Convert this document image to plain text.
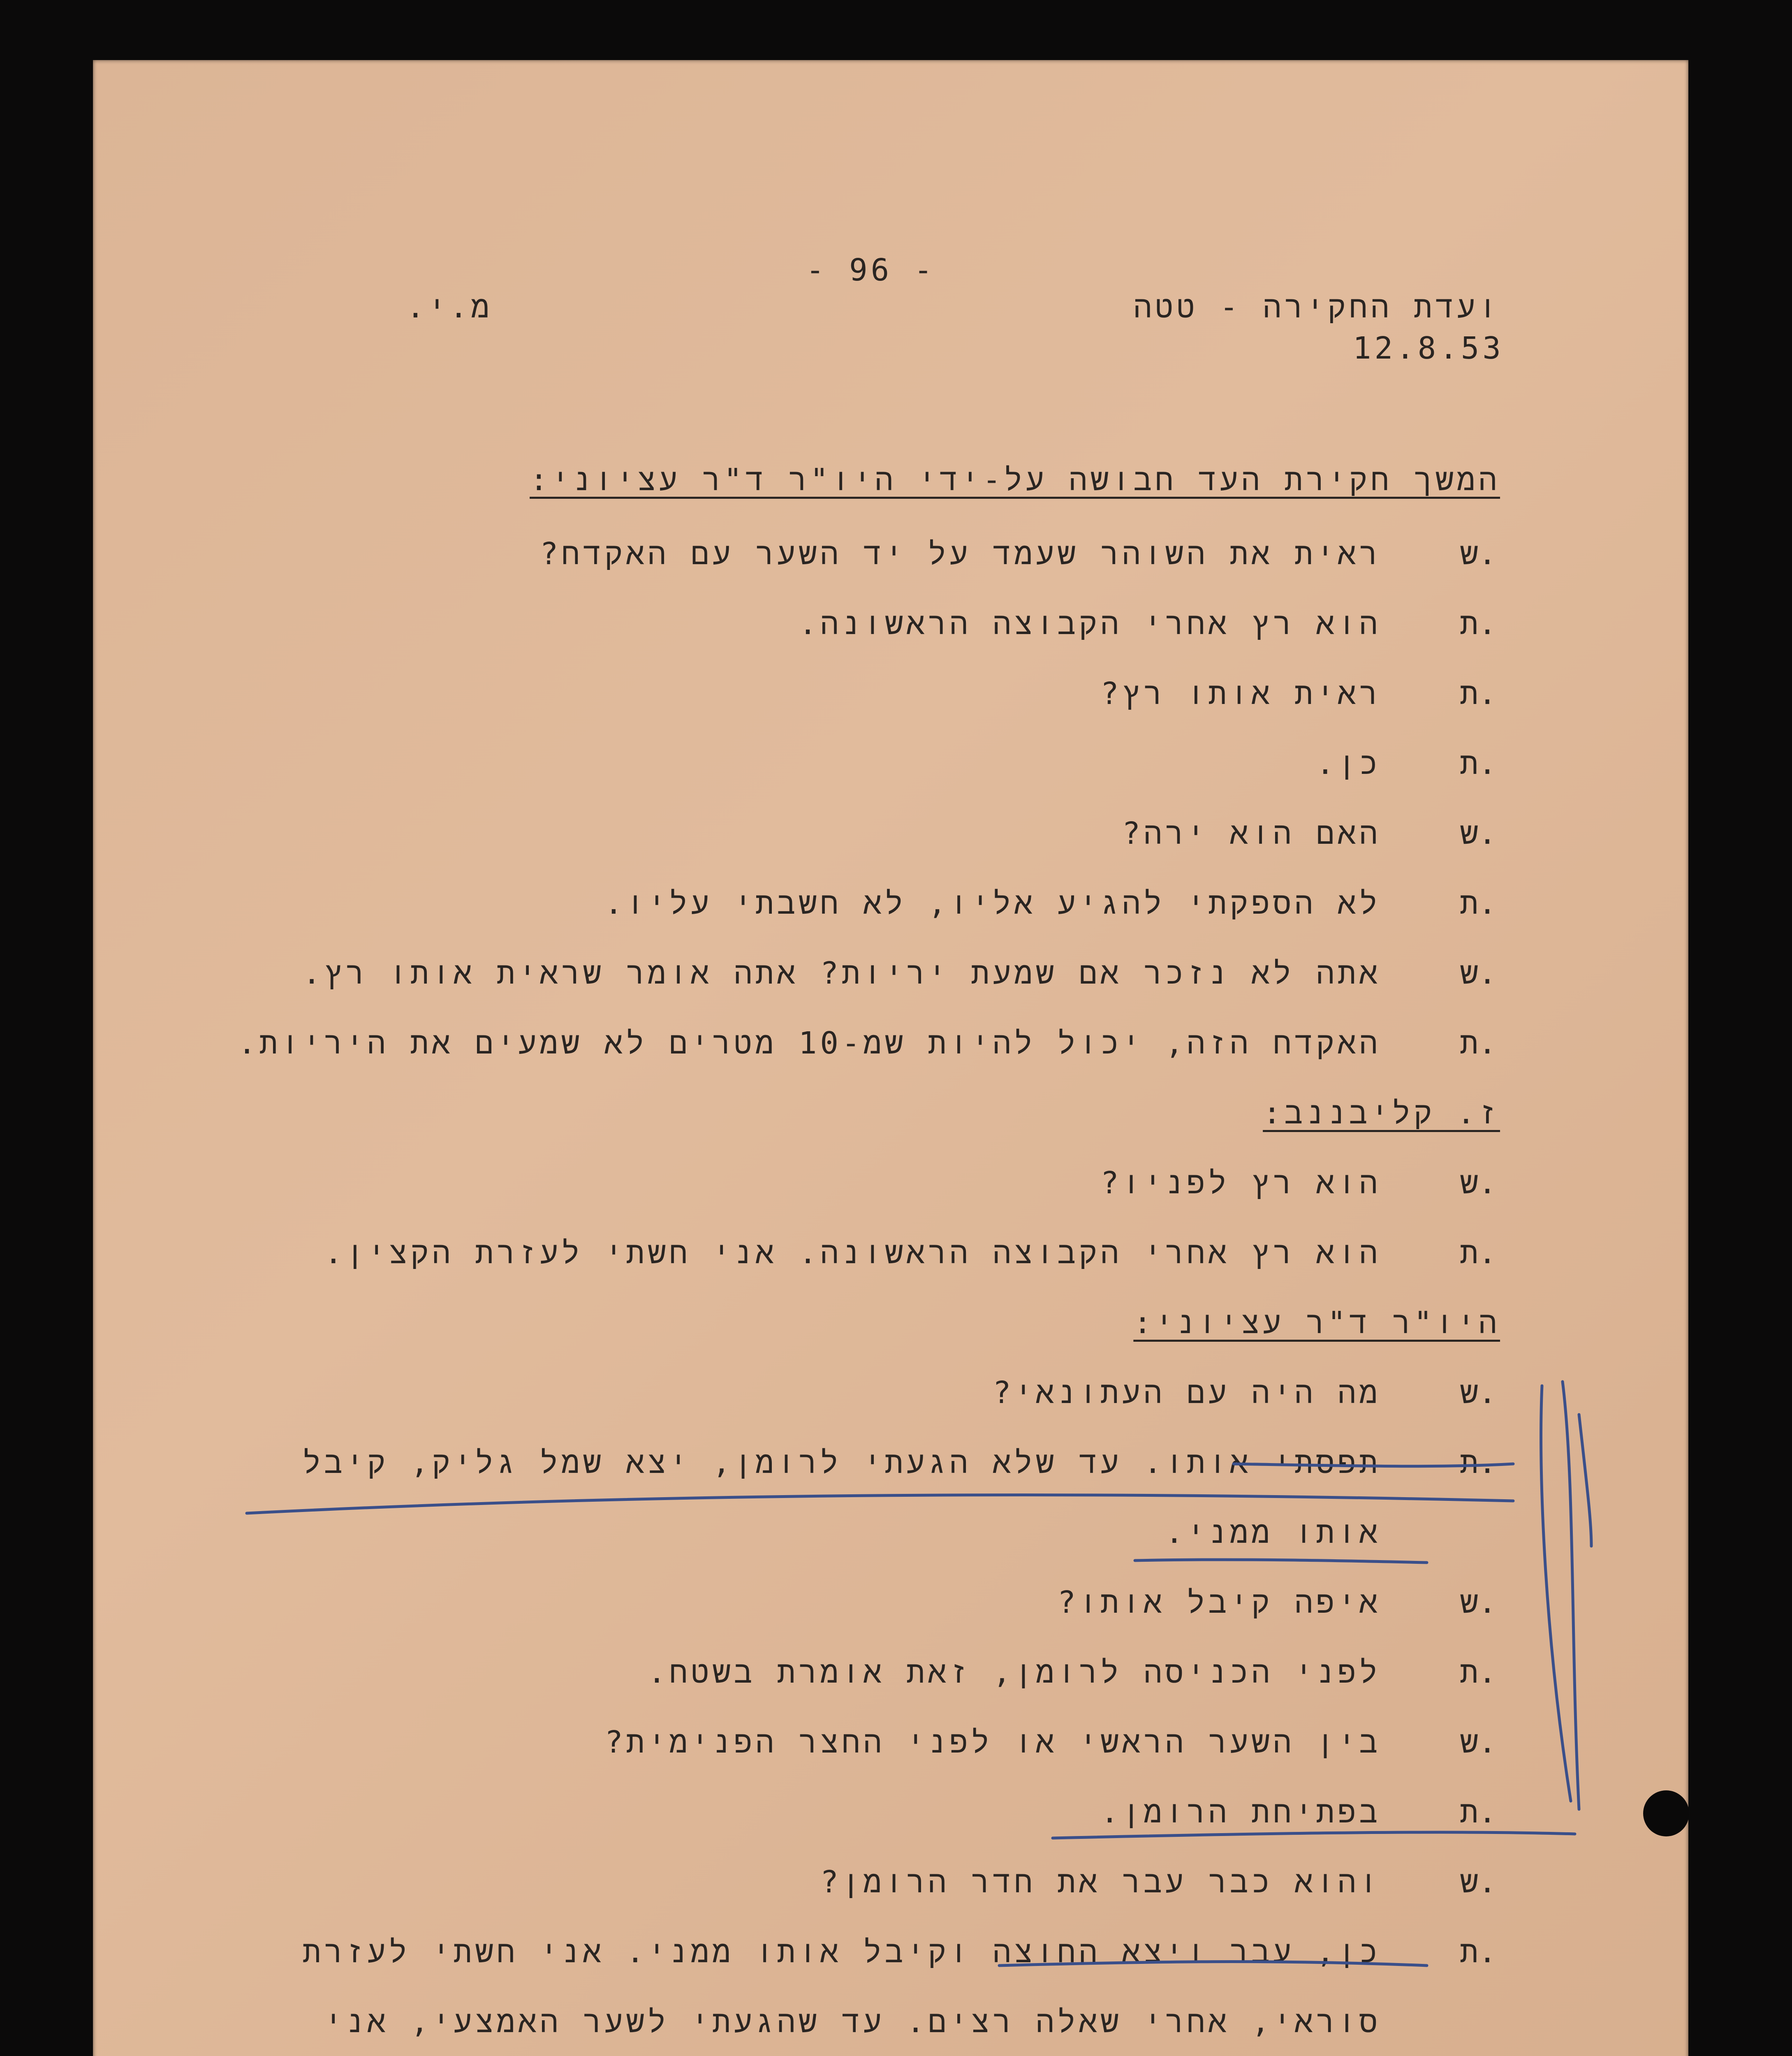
- 96 -
ועדת החקירה - טטה
12.8.53
מ.י.
המשך חקירת העד חבושה על-ידי היו"ר ד"ר עציוני:
ז. קליבננב:
היו"ר ד"ר עציוני:
ש.
ת.
ת.
ת.
ש.
ת.
ש.
ת.
ש.
ת.
ש.
ת.
ש.
ת.
ש.
ת.
ש.
ת.
ראית את השוהר שעמד על יד השער עם האקדח?
הוא רץ אחרי הקבוצה הראשונה.
ראית אותו רץ?
כן.
האם הוא ירה?
לא הספקתי להגיע אליו, לא חשבתי עליו.
אתה לא נזכר אם שמעת יריות? אתה אומר שראית אותו רץ.
האקדח הזה, יכול להיות שמ-10 מטרים לא שמעים את היריות.
הוא רץ לפניו?
הוא רץ אחרי הקבוצה הראשונה. אני חשתי לעזרת הקצין.
מה היה עם העתונאי?
תפסתי אותו. עד שלא הגעתי לרומן, יצא שמל גליק, קיבל
אותו ממני.
איפה קיבל אותו?
לפני הכניסה לרומן, זאת אומרת בשטח.
בין השער הראשי או לפני החצר הפנימית?
בפתיחת הרומן.
והוא כבר עבר את חדר הרומן?
כן, עבר ויצא החוצה וקיבל אותו ממני. אני חשתי לעזרת
סוראי, אחרי שאלה רצים. עד שהגעתי לשער האמצעי, אני
